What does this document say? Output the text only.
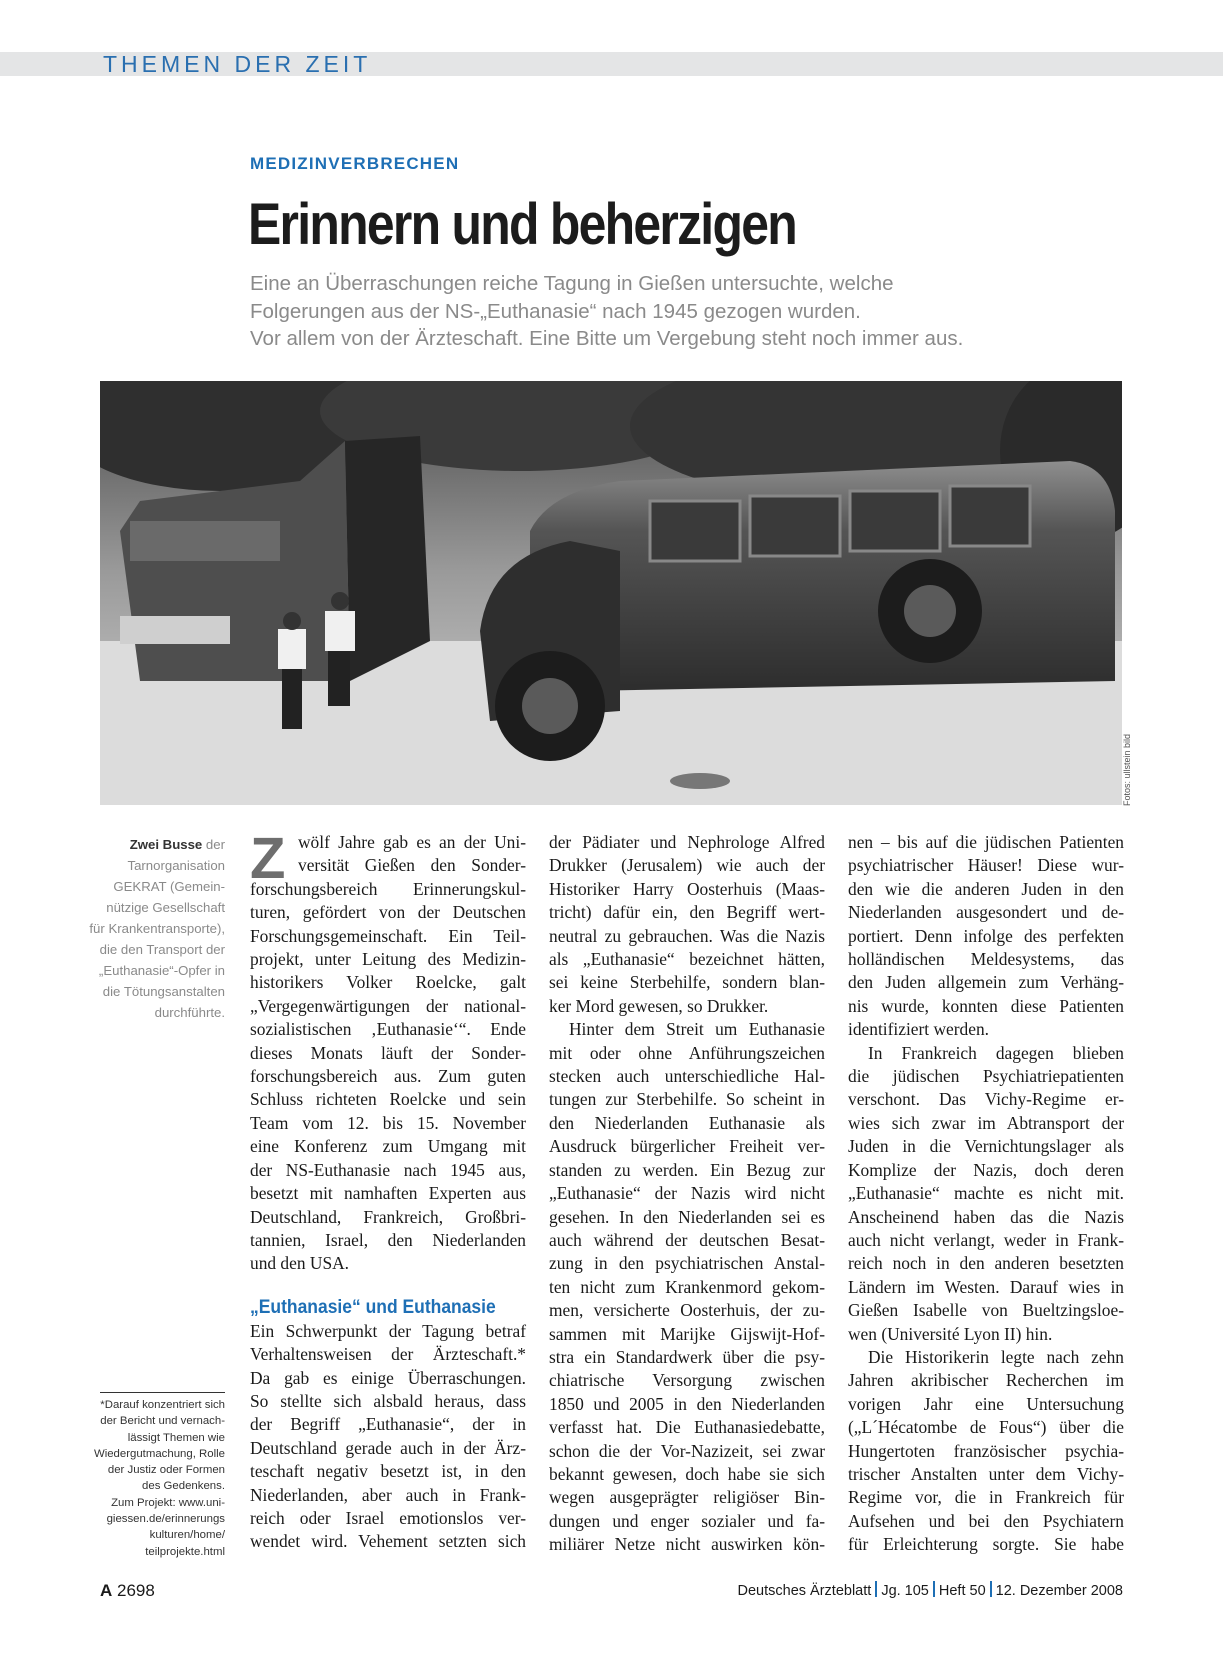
THEMEN DER ZEIT
MEDIZINVERBRECHEN
Erinnern und beherzigen
Eine an Überraschungen reiche Tagung in Gießen untersuchte, welche
Folgerungen aus der NS-„Euthanasie“ nach 1945 gezogen wurden.
Vor allem von der Ärzteschaft. Eine Bitte um Vergebung steht noch immer aus.
Fotos: ullstein bild
Zwei Busse der
Tarnorganisation
GEKRAT (Gemein-
nützige Gesellschaft
für Krankentransporte),
die den Transport der
„Euthanasie“-Opfer in
die Tötungsanstalten
durchführte.
*Darauf konzentriert sich
der Bericht und vernach-
lässigt Themen wie
Wiedergutmachung, Rolle
der Justiz oder Formen
des Gedenkens.
Zum Projekt: www.uni-
giessen.de/erinnerungs
kulturen/home/
teilprojekte.html
Z wölf Jahre gab es an der Uni-
versität Gießen den Sonder-
forschungsbereich Erinnerungskul-
turen, gefördert von der Deutschen
Forschungsgemeinschaft. Ein Teil-
projekt, unter Leitung des Medizin-
historikers Volker Roelcke, galt
„Vergegenwärtigungen der national-
sozialistischen ‚Euthanasie‘“. Ende
dieses Monats läuft der Sonder-
forschungsbereich aus. Zum guten
Schluss richteten Roelcke und sein
Team vom 12. bis 15. November
eine Konferenz zum Umgang mit
der NS-Euthanasie nach 1945 aus,
besetzt mit namhaften Experten aus
Deutschland, Frankreich, Großbri-
tannien, Israel, den Niederlanden
und den USA.
„Euthanasie“ und Euthanasie
Ein Schwerpunkt der Tagung betraf
Verhaltensweisen der Ärzteschaft.*
Da gab es einige Überraschungen.
So stellte sich alsbald heraus, dass
der Begriff „Euthanasie“, der in
Deutschland gerade auch in der Ärz-
teschaft negativ besetzt ist, in den
Niederlanden, aber auch in Frank-
reich oder Israel emotionslos ver-
wendet wird. Vehement setzten sich
der Pädiater und Nephrologe Alfred
Drukker (Jerusalem) wie auch der
Historiker Harry Oosterhuis (Maas-
tricht) dafür ein, den Begriff wert-
neutral zu gebrauchen. Was die Nazis
als „Euthanasie“ bezeichnet hätten,
sei keine Sterbehilfe, sondern blan-
ker Mord gewesen, so Drukker.
Hinter dem Streit um Euthanasie
mit oder ohne Anführungszeichen
stecken auch unterschiedliche Hal-
tungen zur Sterbehilfe. So scheint in
den Niederlanden Euthanasie als
Ausdruck bürgerlicher Freiheit ver-
standen zu werden. Ein Bezug zur
„Euthanasie“ der Nazis wird nicht
gesehen. In den Niederlanden sei es
auch während der deutschen Besat-
zung in den psychiatrischen Anstal-
ten nicht zum Krankenmord gekom-
men, versicherte Oosterhuis, der zu-
sammen mit Marijke Gijswijt-Hof-
stra ein Standardwerk über die psy-
chiatrische Versorgung zwischen
1850 und 2005 in den Niederlanden
verfasst hat. Die Euthanasiedebatte,
schon die der Vor-Nazizeit, sei zwar
bekannt gewesen, doch habe sie sich
wegen ausgeprägter religiöser Bin-
dungen und enger sozialer und fa-
miliärer Netze nicht auswirken kön-
nen – bis auf die jüdischen Patienten
psychiatrischer Häuser! Diese wur-
den wie die anderen Juden in den
Niederlanden ausgesondert und de-
portiert. Denn infolge des perfekten
holländischen Meldesystems, das
den Juden allgemein zum Verhäng-
nis wurde, konnten diese Patienten
identifiziert werden.
In Frankreich dagegen blieben
die jüdischen Psychiatriepatienten
verschont. Das Vichy-Regime er-
wies sich zwar im Abtransport der
Juden in die Vernichtungslager als
Komplize der Nazis, doch deren
„Euthanasie“ machte es nicht mit.
Anscheinend haben das die Nazis
auch nicht verlangt, weder in Frank-
reich noch in den anderen besetzten
Ländern im Westen. Darauf wies in
Gießen Isabelle von Bueltzingsloe-
wen (Université Lyon II) hin.
Die Historikerin legte nach zehn
Jahren akribischer Recherchen im
vorigen Jahr eine Untersuchung
(„L´Hécatombe de Fous“) über die
Hungertoten französischer psychia-
trischer Anstalten unter dem Vichy-
Regime vor, die in Frankreich für
Aufsehen und bei den Psychiatern
für Erleichterung sorgte. Sie habe
A 2698	Deutsches Ärzteblatt Jg. 105 Heft 50 12. Dezember 2008
